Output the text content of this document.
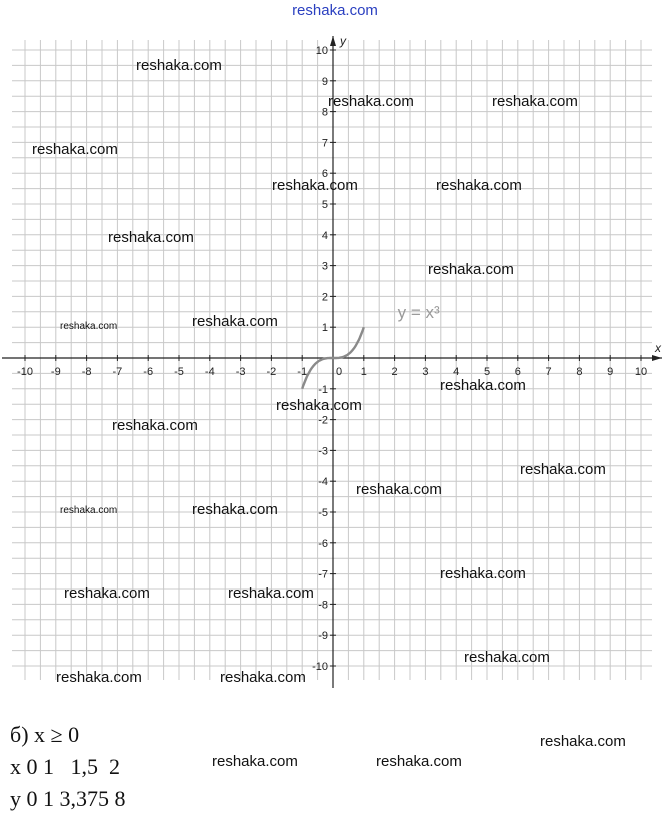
reshaka.com
x
y
-10 -9 -8 -7 -6 -5 -4 -3 -2 -1	0 1 2 3 4 5 6 7 8 9 10
10
9
8
7
6
5
4
3
2
1
-1
-2
-3
-4
-5
-6
-7
-8
-9
-10
y = x³
reshaka.com
reshaka.com	reshaka.com
reshaka.com
reshaka.com	reshaka.com
reshaka.com
reshaka.com
reshaka.com	reshaka.com
reshaka.com
reshaka.com
reshaka.com
reshaka.com
reshaka.com
reshaka.com	reshaka.com
reshaka.com
reshaka.com	reshaka.com
reshaka.com
reshaka.com	reshaka.com
reshaka.com
reshaka.com	reshaka.com
б) x ≥ 0
x 0 1   1,5  2
y 0 1 3,375 8
